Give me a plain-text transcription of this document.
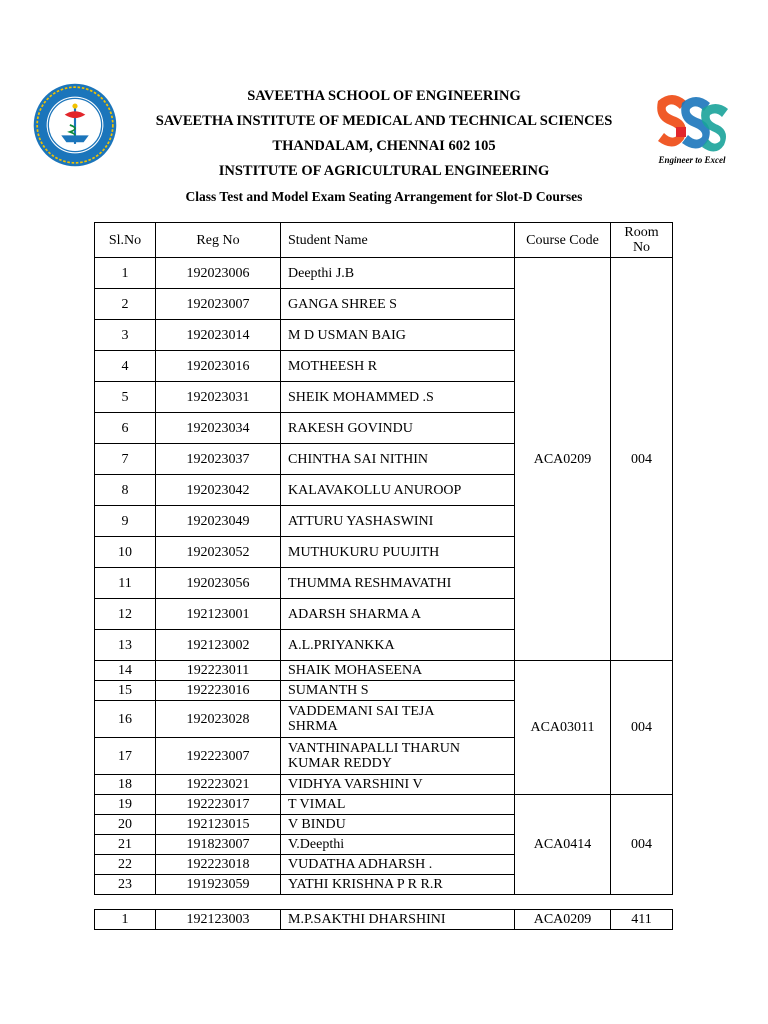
Engineer to Excel
SAVEETHA SCHOOL OF ENGINEERING
SAVEETHA INSTITUTE OF MEDICAL AND TECHNICAL SCIENCES
THANDALAM, CHENNAI 602 105
INSTITUTE OF AGRICULTURAL ENGINEERING
Class Test and Model Exam Seating Arrangement for Slot-D Courses
Sl.No	Reg No	Student Name	Course Code	Room
No
1	192023006	Deepthi J.B	ACA0209	004
2	192023007	GANGA SHREE S		
3	192023014	M D USMAN BAIG		
4	192023016	MOTHEESH R		
5	192023031	SHEIK MOHAMMED .S		
6	192023034	RAKESH GOVINDU		
7	192023037	CHINTHA SAI NITHIN		
8	192023042	KALAVAKOLLU ANUROOP		
9	192023049	ATTURU YASHASWINI		
10	192023052	MUTHUKURU PUUJITH		
11	192023056	THUMMA RESHMAVATHI		
12	192123001	ADARSH SHARMA A		
13	192123002	A.L.PRIYANKKA		
14	192223011	SHAIK MOHASEENA	ACA03011	004
15	192223016	SUMANTH S		
16	192023028	VADDEMANI SAI TEJA
SHRMA		
17	192223007	VANTHINAPALLI THARUN
KUMAR REDDY		
18	192223021	VIDHYA VARSHINI V		
19	192223017	T VIMAL	ACA0414	004
20	192123015	V BINDU		
21	191823007	V.Deepthi		
22	192223018	VUDATHA ADHARSH .		
23	191923059	YATHI KRISHNA P R R.R		
1	192123003	M.P.SAKTHI DHARSHINI	ACA0209	411
